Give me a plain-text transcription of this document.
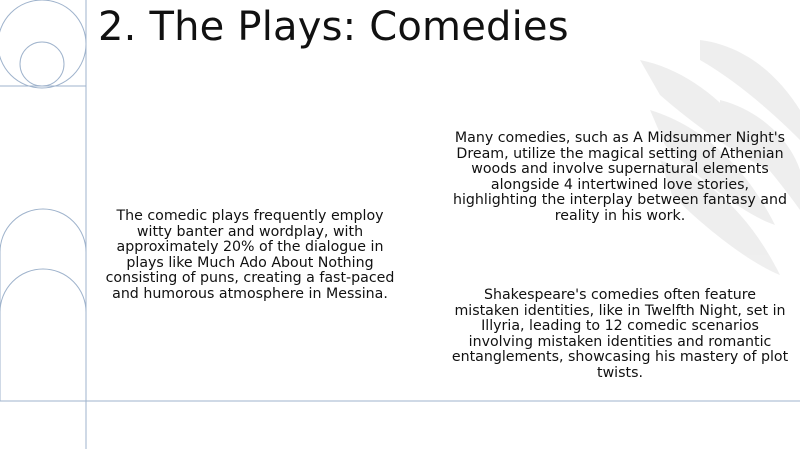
2. The Plays: Comedies
The comedic plays frequently employ witty banter and wordplay, with approximately 20% of the dialogue in plays like Much Ado About Nothing consisting of puns, creating a fast-paced and humorous atmosphere in Messina.
Many comedies, such as A Midsummer Night's Dream, utilize the magical setting of Athenian woods and involve supernatural elements alongside 4 intertwined love stories, highlighting the interplay between fantasy and reality in his work.
Shakespeare's comedies often feature mistaken identities, like in Twelfth Night, set in Illyria, leading to 12 comedic scenarios involving mistaken identities and romantic entanglements, showcasing his mastery of plot twists.
